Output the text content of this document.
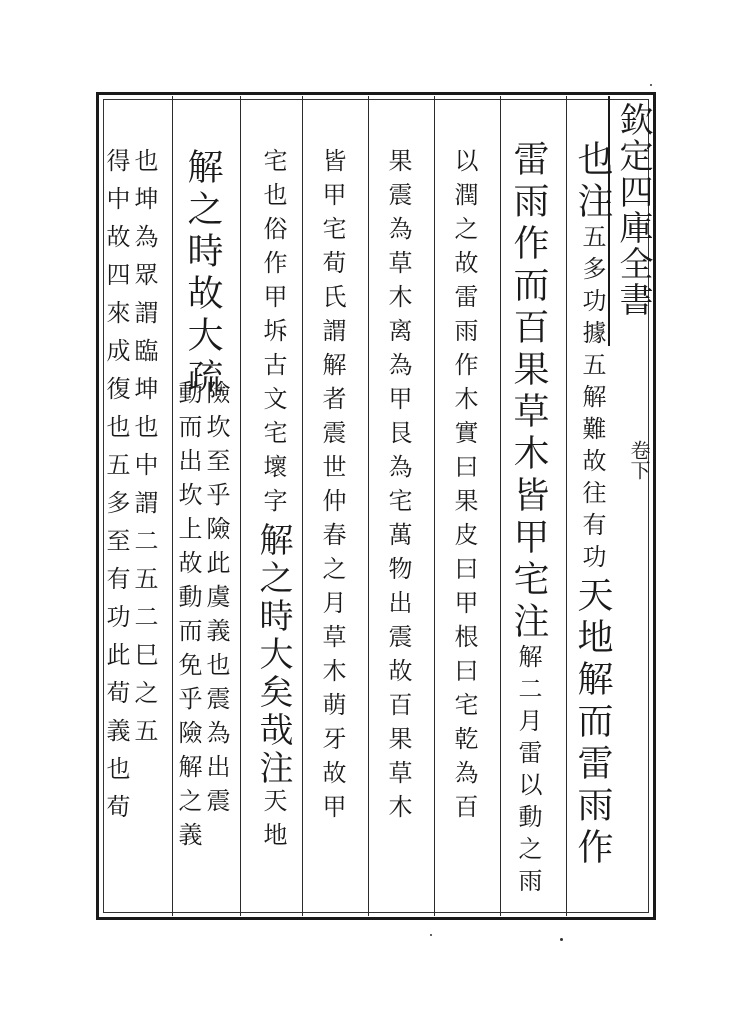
欽定四庫全書
卷下
也注五多功據五解難故往有功天地解而雷雨作
雷雨作而百果草木皆甲宅注解二月雷以動之雨
以潤之故雷雨作木實曰果皮曰甲根曰宅乾為百
果震為草木离為甲艮為宅萬物出震故百果草木
皆甲宅荀氏謂解者震世仲春之月草木萌牙故甲
宅也俗作甲坼古文宅壞字解之時大矣哉注天地
解之時故大疏
險坎至乎險此虞義也震為出震
動而出坎上故動而免乎險解之義
也坤為眾謂臨坤也中謂二五二巳之五
得中故四來成復也五多至有功此荀義也荀
